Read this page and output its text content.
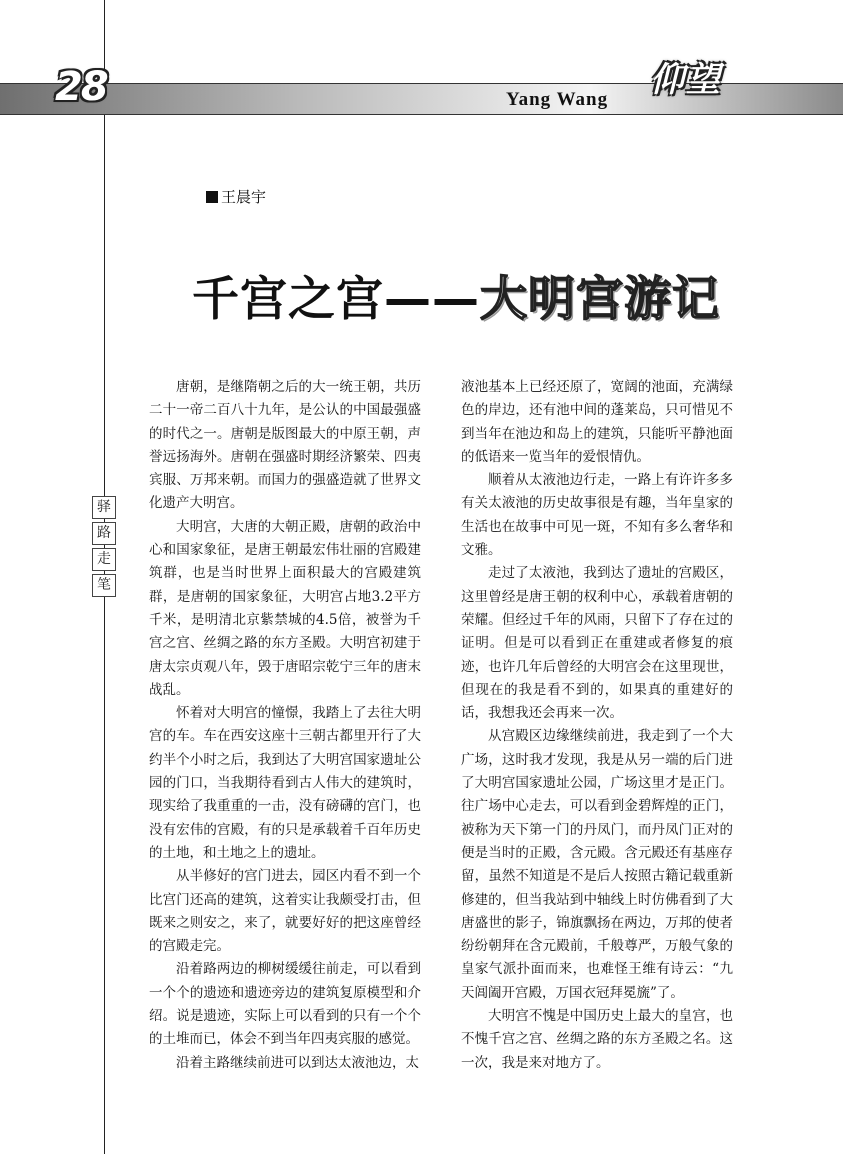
28	Yang Wang 仰望
王晨宇
千宫之宫——大明宫游记
驿
路
走
笔

唐朝，是继隋朝之后的大一统王朝，共历二十一帝二百八十九年，是公认的中国最强盛的时代之一。唐朝是版图最大的中原王朝，声誉远扬海外。唐朝在强盛时期经济繁荣、四夷宾服、万邦来朝。而国力的强盛造就了世界文化遗产大明宫。

大明宫，大唐的大朝正殿，唐朝的政治中心和国家象征，是唐王朝最宏伟壮丽的宫殿建筑群，也是当时世界上面积最大的宫殿建筑群，是唐朝的国家象征，大明宫占地3.2平方千米，是明清北京紫禁城的4.5倍，被誉为千宫之宫、丝绸之路的东方圣殿。大明宫初建于唐太宗贞观八年，毁于唐昭宗乾宁三年的唐末战乱。

怀着对大明宫的憧憬，我踏上了去往大明宫的车。车在西安这座十三朝古都里开行了大约半个小时之后，我到达了大明宫国家遗址公园的门口，当我期待看到古人伟大的建筑时，现实给了我重重的一击，没有磅礴的宫门，也没有宏伟的宫殿，有的只是承载着千百年历史的土地，和土地之上的遗址。

从半修好的宫门进去，园区内看不到一个比宫门还高的建筑，这着实让我颇受打击，但既来之则安之，来了，就要好好的把这座曾经的宫殿走完。

沿着路两边的柳树缓缓往前走，可以看到一个个的遗迹和遗迹旁边的建筑复原模型和介绍。说是遗迹，实际上可以看到的只有一个个的土堆而已，体会不到当年四夷宾服的感觉。

沿着主路继续前进可以到达太液池边，太

液池基本上已经还原了，宽阔的池面，充满绿色的岸边，还有池中间的蓬莱岛，只可惜见不到当年在池边和岛上的建筑，只能听平静池面的低语来一览当年的爱恨情仇。

顺着从太液池边行走，一路上有许许多多有关太液池的历史故事很是有趣，当年皇家的生活也在故事中可见一斑，不知有多么奢华和文雅。

走过了太液池，我到达了遗址的宫殿区，这里曾经是唐王朝的权利中心，承载着唐朝的荣耀。但经过千年的风雨，只留下了存在过的证明。但是可以看到正在重建或者修复的痕迹，也许几年后曾经的大明宫会在这里现世，但现在的我是看不到的，如果真的重建好的话，我想我还会再来一次。

从宫殿区边缘继续前进，我走到了一个大广场，这时我才发现，我是从另一端的后门进了大明宫国家遗址公园，广场这里才是正门。往广场中心走去，可以看到金碧辉煌的正门，被称为天下第一门的丹凤门，而丹凤门正对的便是当时的正殿，含元殿。含元殿还有基座存留，虽然不知道是不是后人按照古籍记载重新修建的，但当我站到中轴线上时仿佛看到了大唐盛世的影子，锦旗飘扬在两边，万邦的使者纷纷朝拜在含元殿前，千般尊严，万般气象的皇家气派扑面而来，也难怪王维有诗云：“九天阊阖开宫殿，万国衣冠拜冕旒”了。

大明宫不愧是中国历史上最大的皇宫，也不愧千宫之宫、丝绸之路的东方圣殿之名。这一次，我是来对地方了。
